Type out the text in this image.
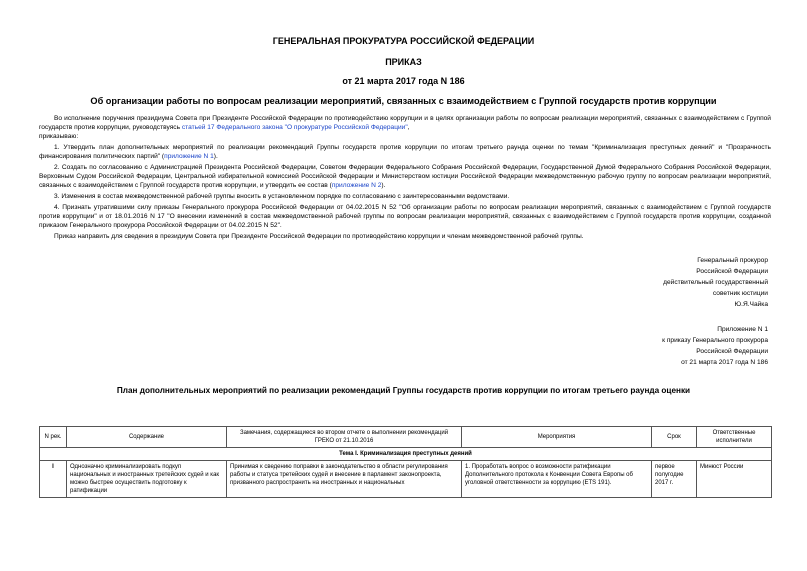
ГЕНЕРАЛЬНАЯ ПРОКУРАТУРА РОССИЙСКОЙ ФЕДЕРАЦИИ
ПРИКАЗ
от 21 марта 2017 года N 186
Об организации работы по вопросам реализации мероприятий, связанных с взаимодействием с Группой государств против коррупции

Во исполнение поручения президиума Совета при Президенте Российской Федерации по противодействию коррупции и в целях организации работы по вопросам реализации мероприятий, связанных с взаимодействием с Группой государств против коррупции, руководствуясь статьей 17 Федерального закона "О прокуратуре Российской Федерации",

приказываю:

1. Утвердить план дополнительных мероприятий по реализации рекомендаций Группы государств против коррупции по итогам третьего раунда оценки по темам "Криминализация преступных деяний" и "Прозрачность финансирования политических партий" (приложение N 1).

2. Создать по согласованию с Администрацией Президента Российской Федерации, Советом Федерации Федерального Собрания Российской Федерации, Государственной Думой Федерального Собрания Российской Федерации, Верховным Судом Российской Федерации, Центральной избирательной комиссией Российской Федерации и Министерством юстиции Российской Федерации межведомственную рабочую группу по вопросам реализации мероприятий, связанных с взаимодействием с Группой государств против коррупции, и утвердить ее состав (приложение N 2).

3. Изменения в состав межведомственной рабочей группы вносить в установленном порядке по согласованию с заинтересованными ведомствами.

4. Признать утратившими силу приказы Генерального прокурора Российской Федерации от 04.02.2015 N 52 "Об организации работы по вопросам реализации мероприятий, связанных с взаимодействием с Группой государств против коррупции" и от 18.01.2016 N 17 "О внесении изменений в состав межведомственной рабочей группы по вопросам реализации мероприятий, связанных с взаимодействием с Группой государств против коррупции, созданной приказом Генерального прокурора Российской Федерации от 04.02.2015 N 52".

Приказ направить для сведения в президиум Совета при Президенте Российской Федерации по противодействию коррупции и членам межведомственной рабочей группы.

Генеральный прокурор
Российской Федерации
действительный государственный
советник юстиции
Ю.Я.Чайка
Приложение N 1
к приказу Генерального прокурора
Российской Федерации
от 21 марта 2017 года N 186
План дополнительных мероприятий по реализации рекомендаций Группы государств против коррупции по итогам третьего раунда оценки
N рек.	Содержание	Замечания, содержащиеся во втором отчете о выполнении рекомендаций ГРЕКО от 21.10.2016	Мероприятия	Срок	Ответственные исполнители
Тема I. Криминализация преступных деяний					
I	Однозначно криминализировать подкуп национальных и иностранных третейских судей и как можно быстрее осуществить подготовку к ратификации	Принимая к сведению поправки в законодательство в области регулирования работы и статуса третейских судей и внесение в парламент законопроекта, призванного распространить на иностранных и национальных	1. Проработать вопрос о возможности ратификации Дополнительного протокола к Конвенции Совета Европы об уголовной ответственности за коррупцию (ETS 191).	первое полугодие 2017 г.	Минюст России
